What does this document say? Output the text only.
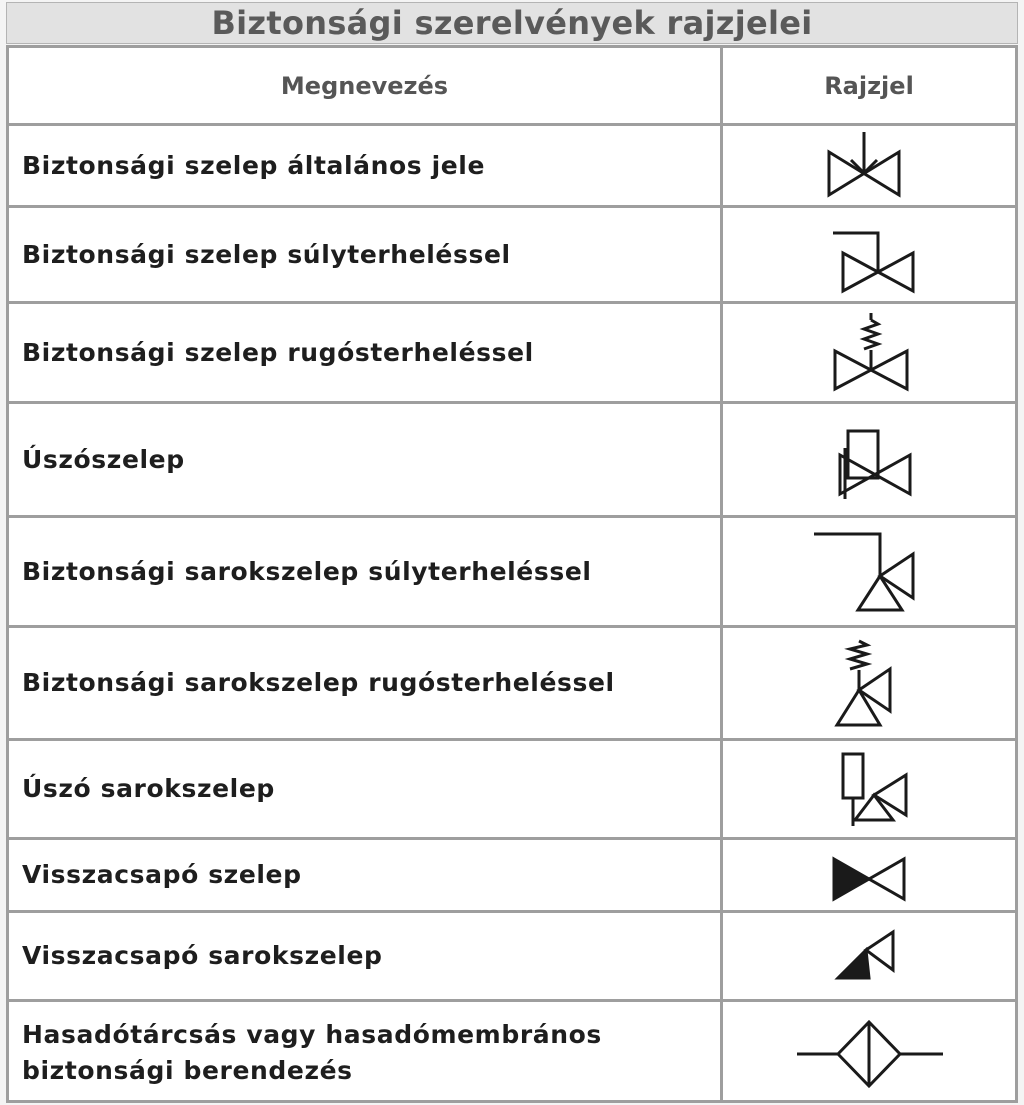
Biztonsági szerelvények rajzjelei
Megnevezés	Rajzjel
Biztonsági szelep általános jele
Biztonsági szelep súlyterheléssel
Biztonsági szelep rugósterheléssel
Úszószelep
Biztonsági sarokszelep súlyterheléssel
Biztonsági sarokszelep rugósterheléssel
Úszó sarokszelep
Visszacsapó szelep
Visszacsapó sarokszelep
Hasadótárcsás vagy hasadómembrános biztonsági berendezés
